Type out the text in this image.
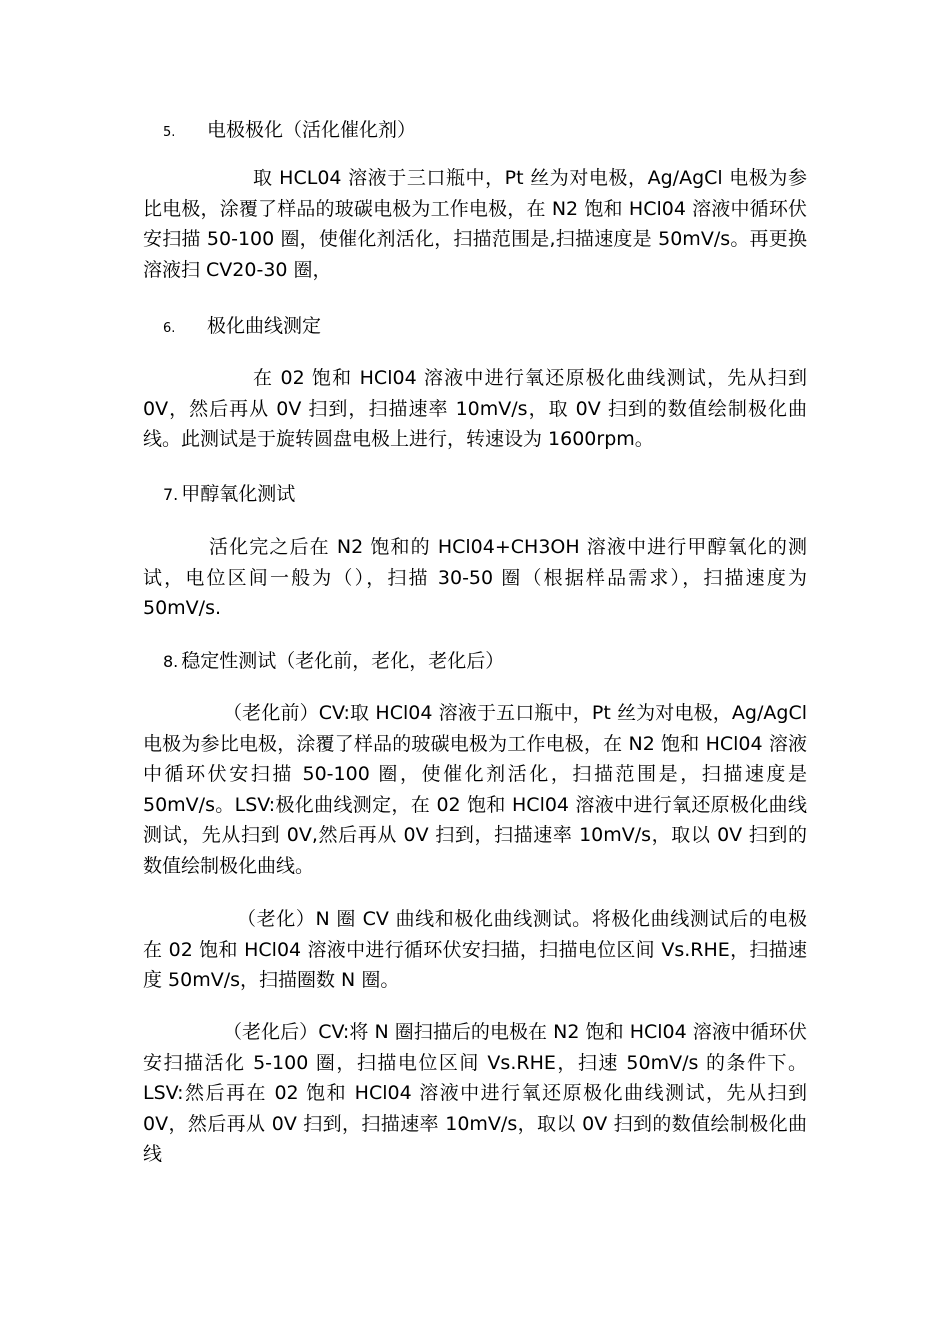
5. 电极极化（活化催化剂）

取 HCL04 溶液于三口瓶中，Pt 丝为对电极，Ag/AgCl 电极为参比电极，涂覆了样品的玻碳电极为工作电极，在 N2 饱和 HCl04 溶液中循环伏安扫描 50-100 圈，使催化剂活化，扫描范围是,扫描速度是 50mV/s。再更换溶液扫 CV20-30 圈，

6. 极化曲线测定

在 02 饱和 HCl04 溶液中进行氧还原极化曲线测试，先从扫到 0V，然后再从 0V 扫到，扫描速率 10mV/s，取 0V 扫到的数值绘制极化曲线。此测试是于旋转圆盘电极上进行，转速设为 1600rpm。

7. 甲醇氧化测试

活化完之后在 N2 饱和的 HCl04+CH3OH 溶液中进行甲醇氧化的测试，电位区间一般为（），扫描 30-50 圈（根据样品需求），扫描速度为 50mV/s.

8. 稳定性测试（老化前，老化，老化后）

（老化前）CV:取 HCl04 溶液于五口瓶中，Pt 丝为对电极，Ag/AgCl 电极为参比电极，涂覆了样品的玻碳电极为工作电极，在 N2 饱和 HCl04 溶液中循环伏安扫描 50-100 圈，使催化剂活化，扫描范围是，扫描速度是 50mV/s。LSV:极化曲线测定，在 02 饱和 HCl04 溶液中进行氧还原极化曲线测试，先从扫到 0V,然后再从 0V 扫到，扫描速率 10mV/s，取以 0V 扫到的数值绘制极化曲线。

（老化）N 圈 CV 曲线和极化曲线测试。将极化曲线测试后的电极在 02 饱和 HCl04 溶液中进行循环伏安扫描，扫描电位区间 Vs.RHE，扫描速度 50mV/s，扫描圈数 N 圈。

（老化后）CV:将 N 圈扫描后的电极在 N2 饱和 HCl04 溶液中循环伏安扫描活化 5-100 圈，扫描电位区间 Vs.RHE，扫速 50mV/s 的条件下。LSV:然后再在 02 饱和 HCl04 溶液中进行氧还原极化曲线测试，先从扫到 0V，然后再从 0V 扫到，扫描速率 10mV/s，取以 0V 扫到的数值绘制极化曲线
